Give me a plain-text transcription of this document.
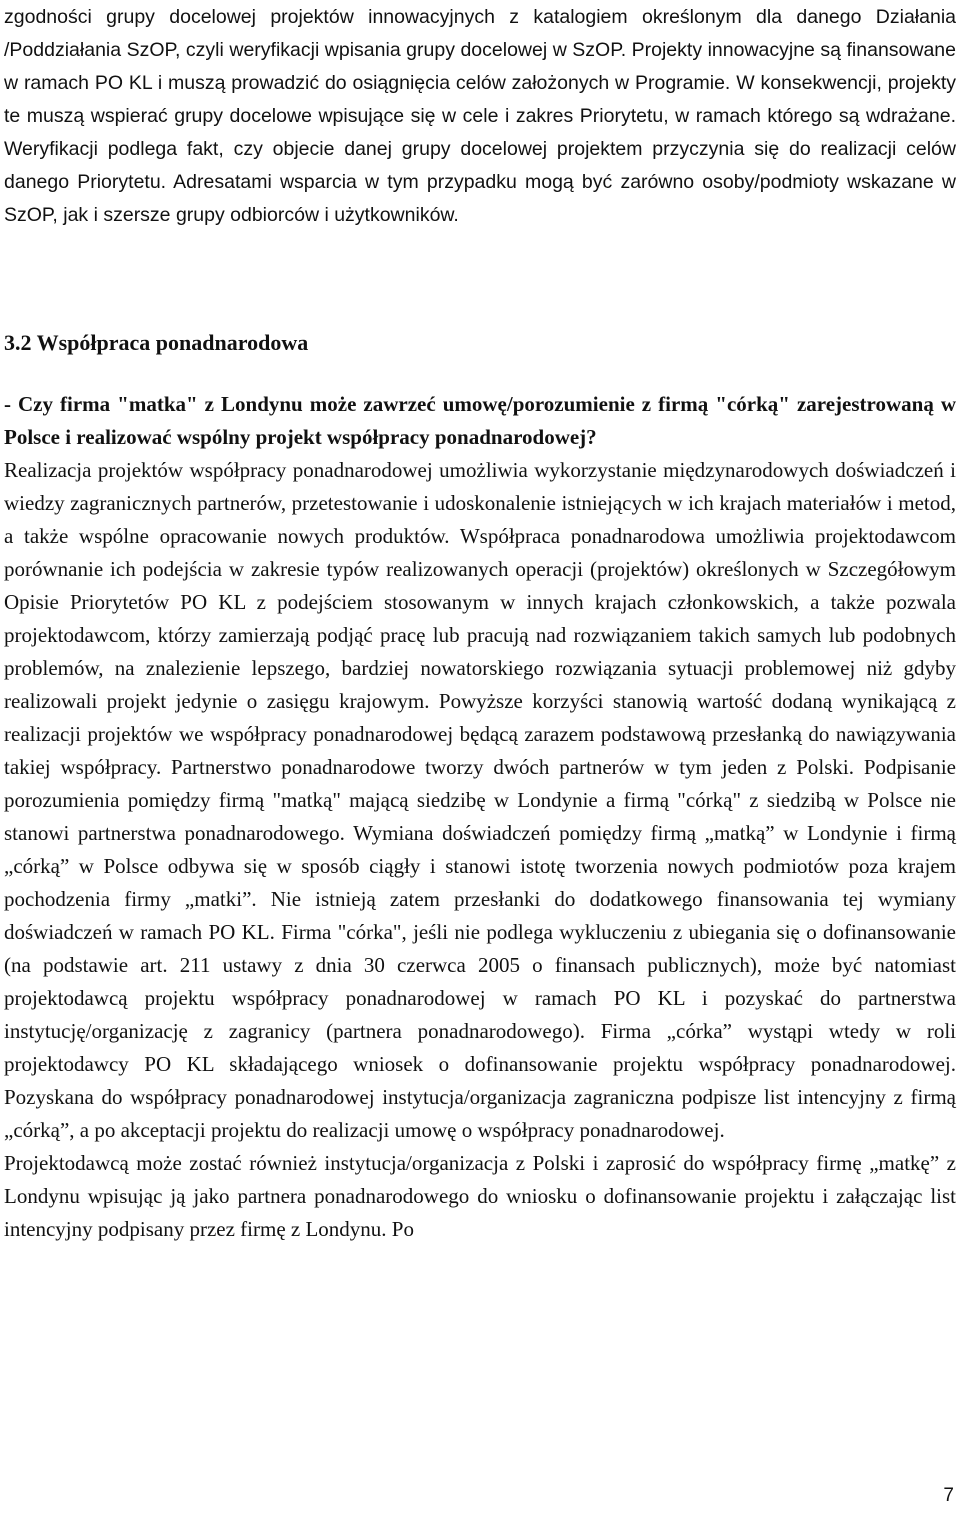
zgodności grupy docelowej projektów innowacyjnych z katalogiem określonym dla danego Działania /Poddziałania SzOP, czyli weryfikacji wpisania grupy docelowej w SzOP. Projekty innowacyjne są finansowane w ramach PO KL i muszą prowadzić do osiągnięcia celów założonych w Programie. W konsekwencji, projekty te muszą wspierać grupy docelowe wpisujące się w cele i zakres Priorytetu, w ramach którego są wdrażane. Weryfikacji podlega fakt, czy objecie danej grupy docelowej projektem przyczynia się do realizacji celów danego Priorytetu. Adresatami wsparcia w tym przypadku mogą być zarówno osoby/podmioty wskazane w SzOP, jak i szersze grupy odbiorców i użytkowników.

3.2 Współpraca ponadnarodowa

- Czy firma "matka" z Londynu może zawrzeć umowę/porozumienie z firmą "córką" zarejestrowaną w Polsce i realizować wspólny projekt współpracy ponadnarodowej?

Realizacja projektów współpracy ponadnarodowej umożliwia wykorzystanie międzynarodowych doświadczeń i wiedzy zagranicznych partnerów, przetestowanie i udoskonalenie istniejących w ich krajach materiałów i metod, a także wspólne opracowanie nowych produktów. Współpraca ponadnarodowa umożliwia projektodawcom porównanie ich podejścia w zakresie typów realizowanych operacji (projektów) określonych w Szczegółowym Opisie Priorytetów PO KL z podejściem stosowanym w innych krajach członkowskich, a także pozwala projektodawcom, którzy zamierzają podjąć pracę lub pracują nad rozwiązaniem takich samych lub podobnych problemów, na znalezienie lepszego, bardziej nowatorskiego rozwiązania sytuacji problemowej niż gdyby realizowali projekt jedynie o zasięgu krajowym. Powyższe korzyści stanowią wartość dodaną wynikającą z realizacji projektów we współpracy ponadnarodowej będącą zarazem podstawową przesłanką do nawiązywania takiej współpracy. Partnerstwo ponadnarodowe tworzy dwóch partnerów w tym jeden z Polski. Podpisanie porozumienia pomiędzy firmą "matką" mającą siedzibę w Londynie a firmą "córką" z siedzibą w Polsce nie stanowi partnerstwa ponadnarodowego. Wymiana doświadczeń pomiędzy firmą „matką” w Londynie i firmą „córką” w Polsce odbywa się w sposób ciągły i stanowi istotę tworzenia nowych podmiotów poza krajem pochodzenia firmy „matki”. Nie istnieją zatem przesłanki do dodatkowego finansowania tej wymiany doświadczeń w ramach PO KL. Firma "córka", jeśli nie podlega wykluczeniu z ubiegania się o dofinansowanie (na podstawie art. 211 ustawy z dnia 30 czerwca 2005 o finansach publicznych), może być natomiast projektodawcą projektu współpracy ponadnarodowej w ramach PO KL i pozyskać do partnerstwa instytucję/organizację z zagranicy (partnera ponadnarodowego). Firma „córka” wystąpi wtedy w roli projektodawcy PO KL składającego wniosek o dofinansowanie projektu współpracy ponadnarodowej. Pozyskana do współpracy ponadnarodowej instytucja/organizacja zagraniczna podpisze list intencyjny z firmą „córką”, a po akceptacji projektu do realizacji umowę o współpracy ponadnarodowej.

Projektodawcą może zostać również instytucja/organizacja z Polski i zaprosić do współpracy firmę „matkę” z Londynu wpisując ją jako partnera ponadnarodowego do wniosku o dofinansowanie projektu i załączając list intencyjny podpisany przez firmę z Londynu. Po

7
